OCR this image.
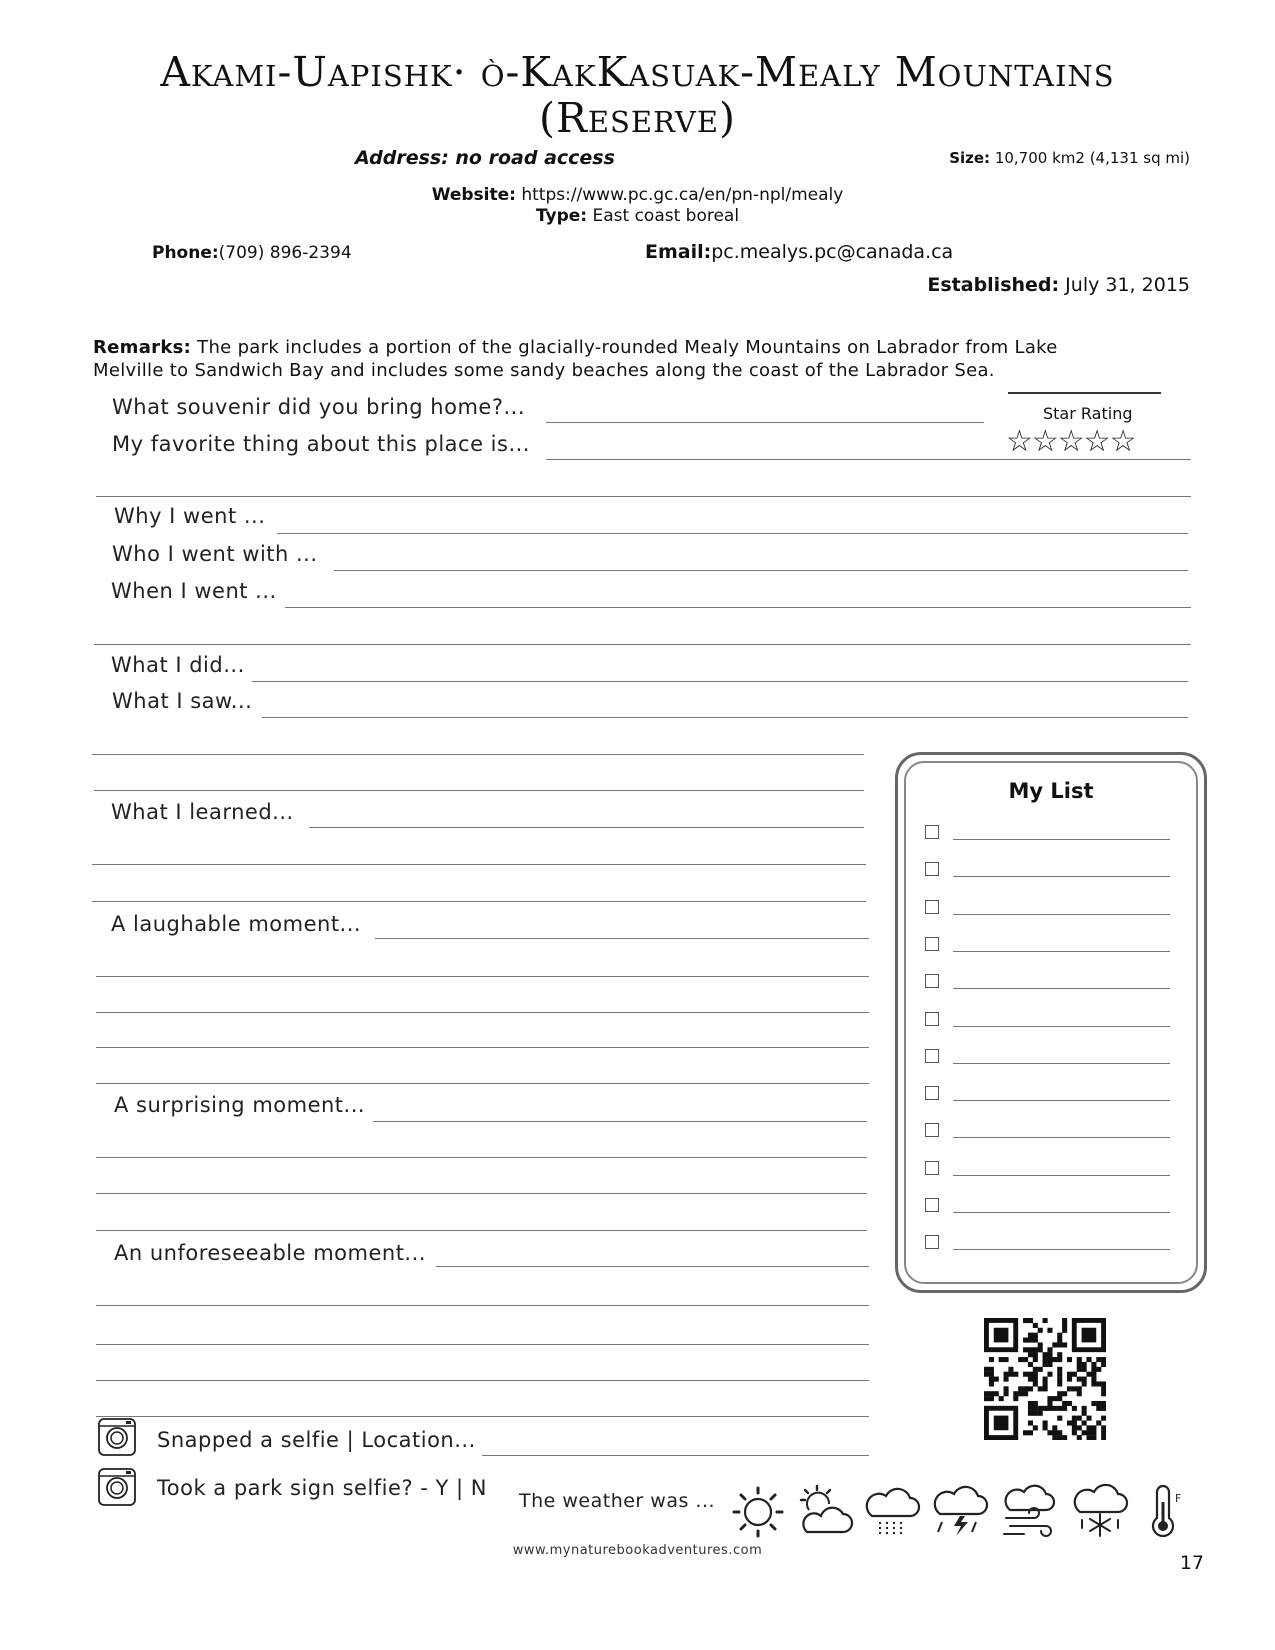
Akami-Uapishk· ò-KakKasuak-Mealy Mountains
(Reserve)
Address: no road access	Size: 10,700 km2 (4,131 sq mi)
Website: https://www.pc.gc.ca/en/pn-npl/mealy
Type: East coast boreal
Phone:(709) 896-2394	Email:pc.mealys.pc@canada.ca
Established: July 31, 2015
Remarks: The park includes a portion of the glacially-rounded Mealy Mountains on Labrador from Lake
Melville to Sandwich Bay and includes some sandy beaches along the coast of the Labrador Sea.
Star Rating
☆☆☆☆☆
What souvenir did you bring home?...
My favorite thing about this place is...
Why I went ...
Who I went with ...
When I went ...
What I did...
What I saw...
What I learned...
A laughable moment...
A surprising moment...
An unforeseeable moment...
Snapped a selfie | Location...
Took a park sign selfie? - Y | N
The weather was ...	F
My List
www.mynaturebookadventures.com
17
